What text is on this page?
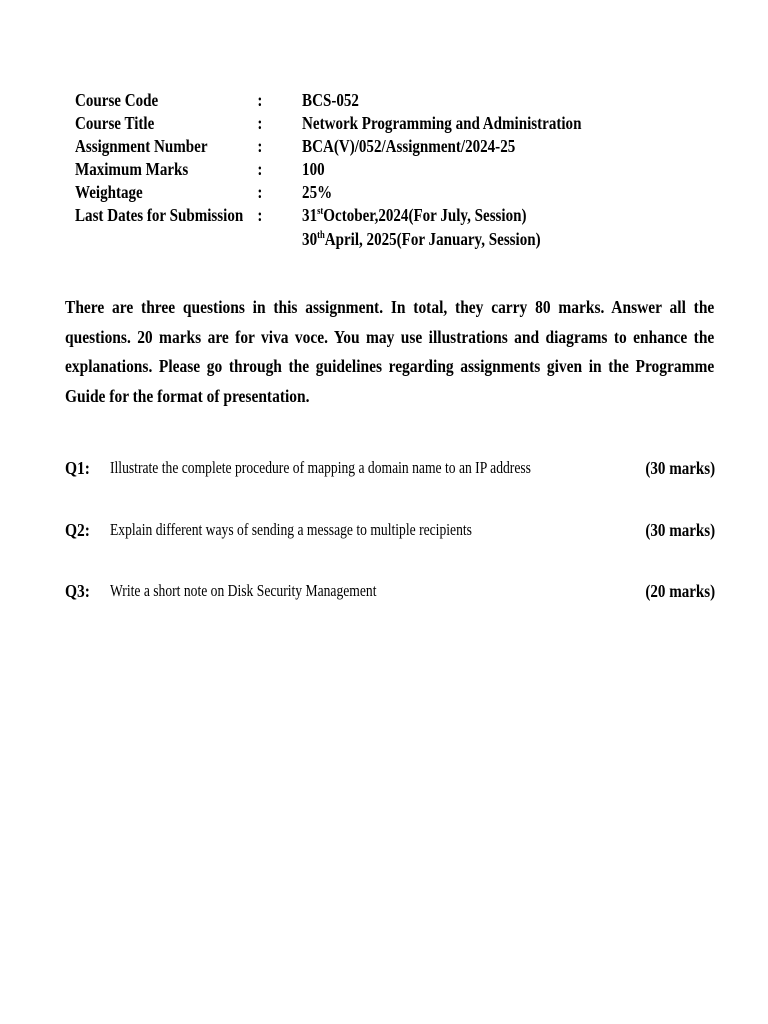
Course Code	: BCS-052
Course Title	: Network Programming and Administration
Assignment Number	: BCA(V)/052/Assignment/2024-25
Maximum Marks	: 100
Weightage	: 25%
Last Dates for Submission : 31stOctober,2024(For July, Session)
30thApril, 2025(For January, Session)

There are three questions in this assignment. In total, they carry 80 marks. Answer all the questions. 20 marks are for viva voce. You may use illustrations and diagrams to enhance the explanations. Please go through the guidelines regarding assignments given in the Programme Guide for the format of presentation.

Q1: Illustrate the complete procedure of mapping a domain name to an IP address	(30 marks)
Q2: Explain different ways of sending a message to multiple recipients	(30 marks)
Q3: Write a short note on Disk Security Management	(20 marks)
